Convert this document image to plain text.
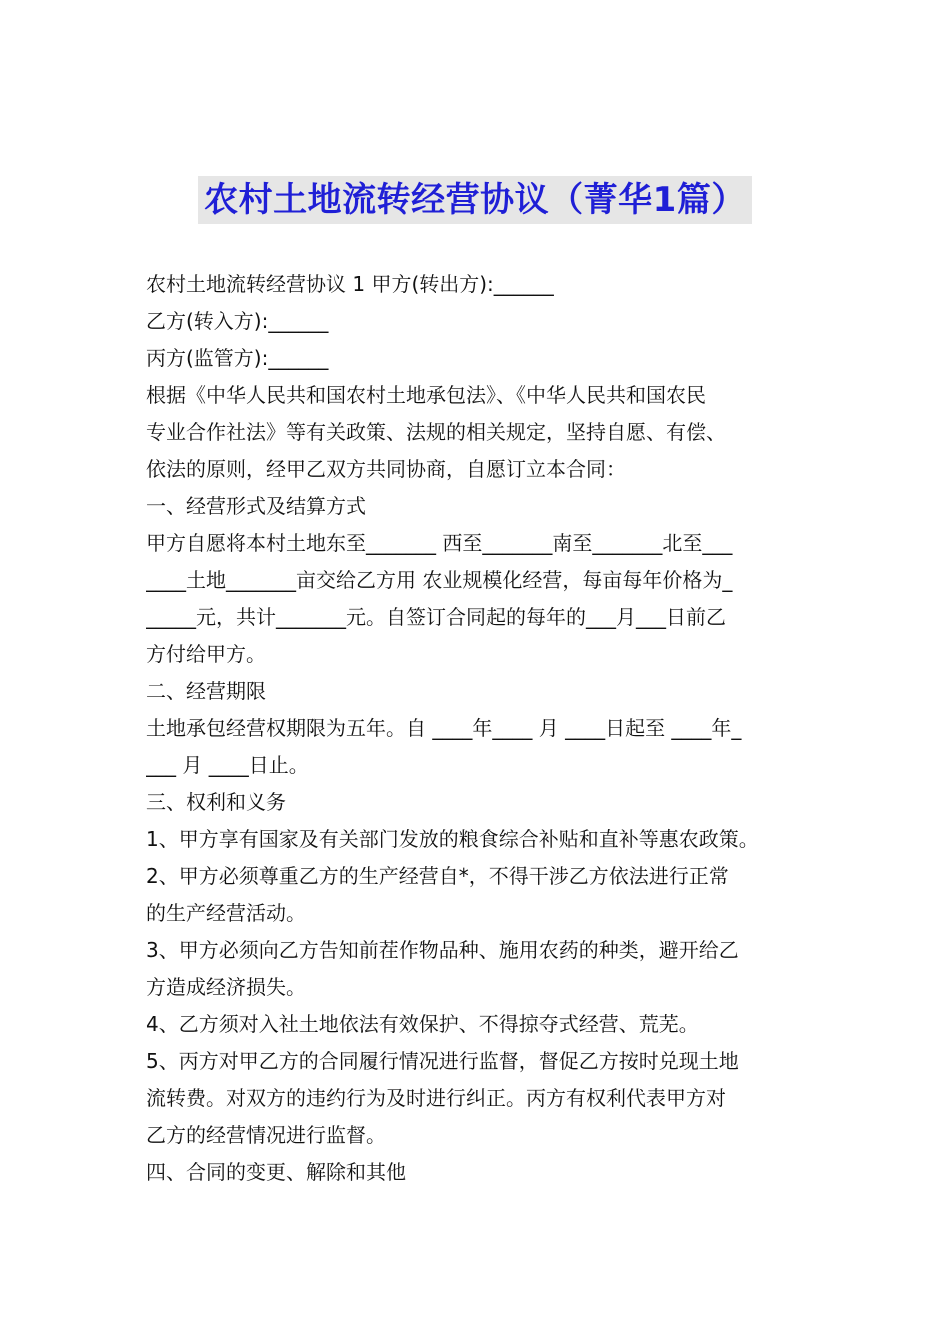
农村土地流转经营协议（菁华1篇）
农村土地流转经营协议 1 甲方(转出方):______
乙方(转入方):______
丙方(监管方):______
根据《中华人民共和国农村土地承包法》、《中华人民共和国农民
专业合作社法》等有关政策、法规的相关规定，坚持自愿、有偿、
依法的原则，经甲乙双方共同协商，自愿订立本合同：
一、经营形式及结算方式
甲方自愿将本村土地东至_______ 西至_______南至_______北至___
____土地_______亩交给乙方用 农业规模化经营，每亩每年价格为_
_____元，共计_______元。自签订合同起的每年的___月___日前乙
方付给甲方。
二、经营期限
土地承包经营权期限为五年。自 ____年____ 月 ____日起至 ____年_
___ 月 ____日止。
三、权利和义务
1、甲方享有国家及有关部门发放的粮食综合补贴和直补等惠农政策。
2、甲方必须尊重乙方的生产经营自*，不得干涉乙方依法进行正常
的生产经营活动。
3、甲方必须向乙方告知前茬作物品种、施用农药的种类，避开给乙
方造成经济损失。
4、乙方须对入社土地依法有效保护、不得掠夺式经营、荒芜。
5、丙方对甲乙方的合同履行情况进行监督，督促乙方按时兑现土地
流转费。对双方的违约行为及时进行纠正。丙方有权利代表甲方对
乙方的经营情况进行监督。
四、合同的变更、解除和其他
